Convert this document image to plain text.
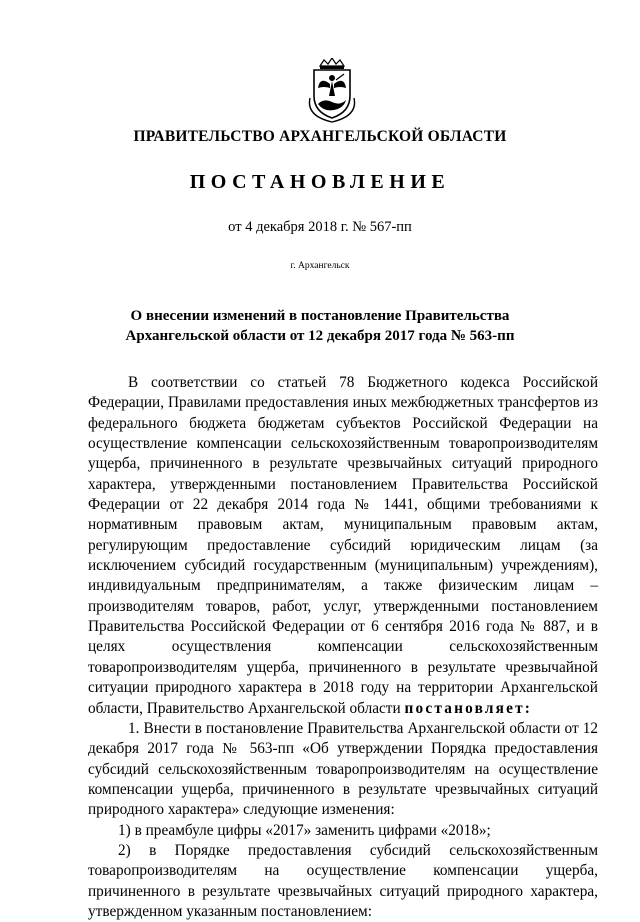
ПРАВИТЕЛЬСТВО АРХАНГЕЛЬСКОЙ ОБЛАСТИ
ПОСТАНОВЛЕНИЕ
от 4 декабря 2018 г. № 567-пп
г. Архангельск
О внесении изменений в постановление Правительства
Архангельской области от 12 декабря 2017 года № 563-пп

В соответствии со статьей 78 Бюджетного кодекса Российской Федерации, Правилами предоставления иных межбюджетных трансфертов из федерального бюджета бюджетам субъектов Российской Федерации на осуществление компенсации сельскохозяйственным товаропроизводителям ущерба, причиненного в результате чрезвычайных ситуаций природного характера, утвержденными постановлением Правительства Российской Федерации от 22 декабря 2014 года № 1441, общими требованиями к нормативным правовым актам, муниципальным правовым актам, регулирующим предоставление субсидий юридическим лицам (за исключением субсидий государственным (муниципальным) учреждениям), индивидуальным предпринимателям, а также физическим лицам – производителям товаров, работ, услуг, утвержденными постановлением Правительства Российской Федерации от 6 сентября 2016 года № 887, и в целях осуществления компенсации сельскохозяйственным товаропроизводителям ущерба, причиненного в результате чрезвычайной ситуации природного характера в 2018 году на территории Архангельской области, Правительство Архангельской области постановляет:

1. Внести в постановление Правительства Архангельской области от 12 декабря 2017 года № 563-пп «Об утверждении Порядка предоставления субсидий сельскохозяйственным товаропроизводителям на осуществление компенсации ущерба, причиненного в результате чрезвычайных ситуаций природного характера» следующие изменения:

1) в преамбуле цифры «2017» заменить цифрами «2018»;

2) в Порядке предоставления субсидий сельскохозяйственным товаропроизводителям на осуществление компенсации ущерба, причиненного в результате чрезвычайных ситуаций природного характера, утвержденном указанным постановлением:
